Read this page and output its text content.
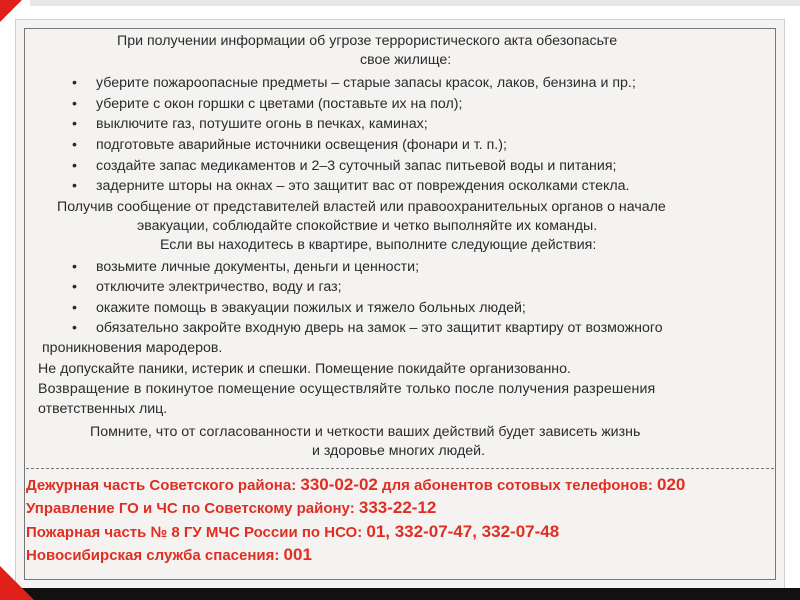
При получении информации об угрозе террористического акта обезопасьте
свое жилище:
• уберите пожароопасные предметы – старые запасы красок, лаков, бензина и пр.;
• уберите с окон горшки с цветами (поставьте их на пол);
• выключите газ, потушите огонь в печках, каминах;
• подготовьте аварийные источники освещения (фонари и т. п.);
• создайте запас медикаментов и 2–3 суточный запас питьевой воды и питания;
• задерните шторы на окнах – это защитит вас от повреждения осколками стекла.
Получив сообщение от представителей властей или правоохранительных органов о начале
эвакуации, соблюдайте спокойствие и четко выполняйте их команды.
Если вы находитесь в квартире, выполните следующие действия:
• возьмите личные документы, деньги и ценности;
• отключите электричество, воду и газ;
• окажите помощь в эвакуации пожилых и тяжело больных людей;
• обязательно закройте входную дверь на замок – это защитит квартиру от возможного
проникновения мародеров.
Не допускайте паники, истерик и спешки. Помещение покидайте организованно.
Возвращение в покинутое помещение осуществляйте только после получения разрешения
ответственных лиц.
Помните, что от согласованности и четкости ваших действий будет зависеть жизнь
и здоровье многих людей.
Дежурная часть Советского района: 330-02-02 для абонентов сотовых телефонов: 020
Управление ГО и ЧС по Советскому району: 333-22-12
Пожарная часть № 8 ГУ МЧС России по НСО: 01, 332-07-47, 332-07-48
Новосибирская служба спасения: 001
